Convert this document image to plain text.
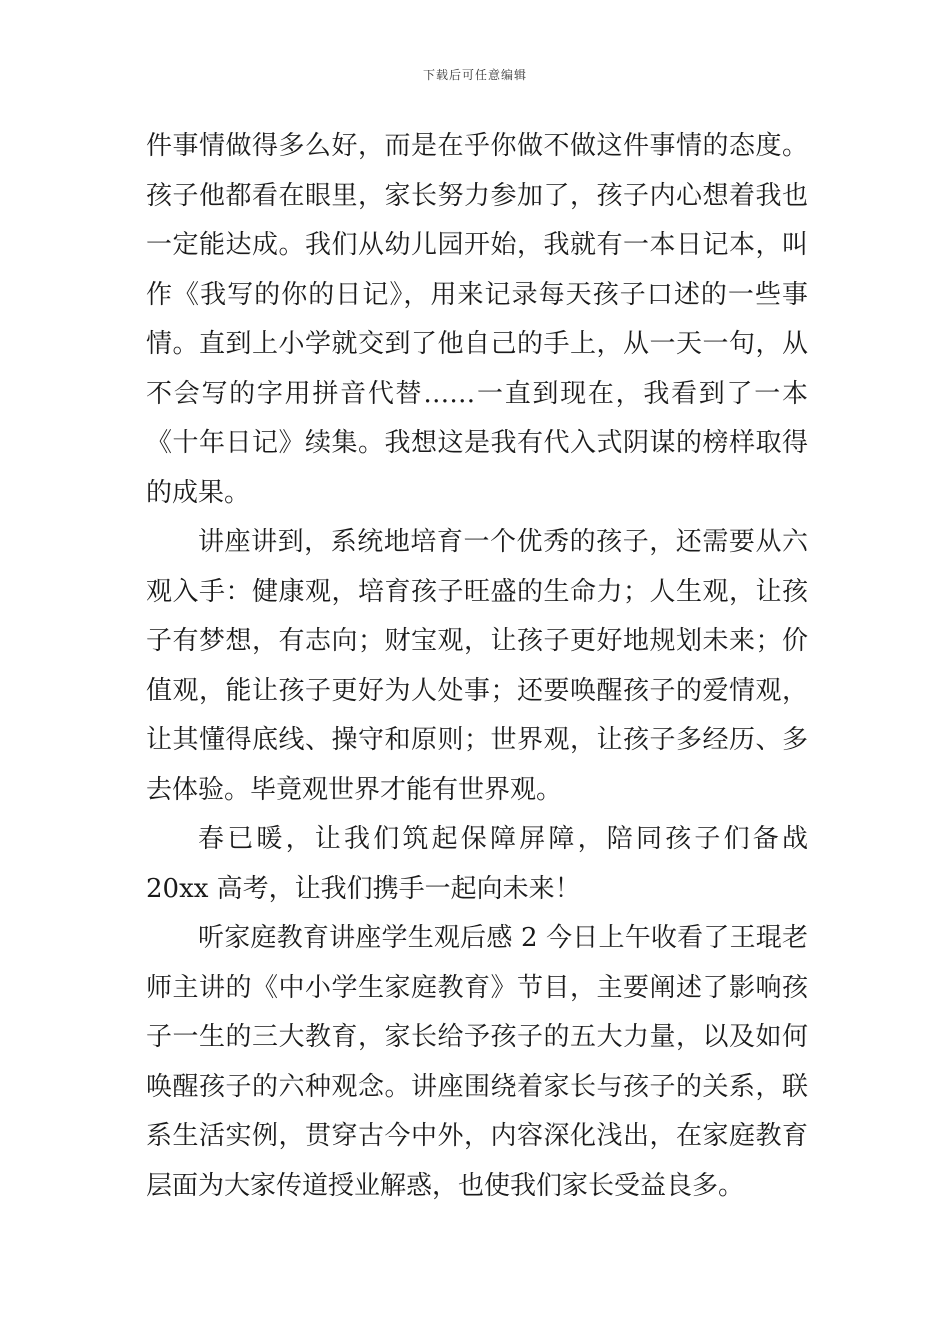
下载后可任意编辑

件事情做得多么好，而是在乎你做不做这件事情的态度。孩子他都看在眼里，家长努力参加了，孩子内心想着我也一定能达成。我们从幼儿园开始，我就有一本日记本，叫作《我写的你的日记》，用来记录每天孩子口述的一些事情。直到上小学就交到了他自己的手上，从一天一句，从不会写的字用拼音代替……一直到现在，我看到了一本《十年日记》续集。我想这是我有代入式阴谋的榜样取得的成果。

讲座讲到，系统地培育一个优秀的孩子，还需要从六观入手：健康观，培育孩子旺盛的生命力；人生观，让孩子有梦想，有志向；财宝观，让孩子更好地规划未来；价值观，能让孩子更好为人处事；还要唤醒孩子的爱情观，让其懂得底线、操守和原则；世界观，让孩子多经历、多去体验。毕竟观世界才能有世界观。

春已暖，让我们筑起保障屏障，陪同孩子们备战 20xx 高考，让我们携手一起向未来！

听家庭教育讲座学生观后感 2 今日上午收看了王琨老师主讲的《中小学生家庭教育》节目，主要阐述了影响孩子一生的三大教育，家长给予孩子的五大力量，以及如何唤醒孩子的六种观念。讲座围绕着家长与孩子的关系，联系生活实例，贯穿古今中外，内容深化浅出，在家庭教育层面为大家传道授业解惑，也使我们家长受益良多。
